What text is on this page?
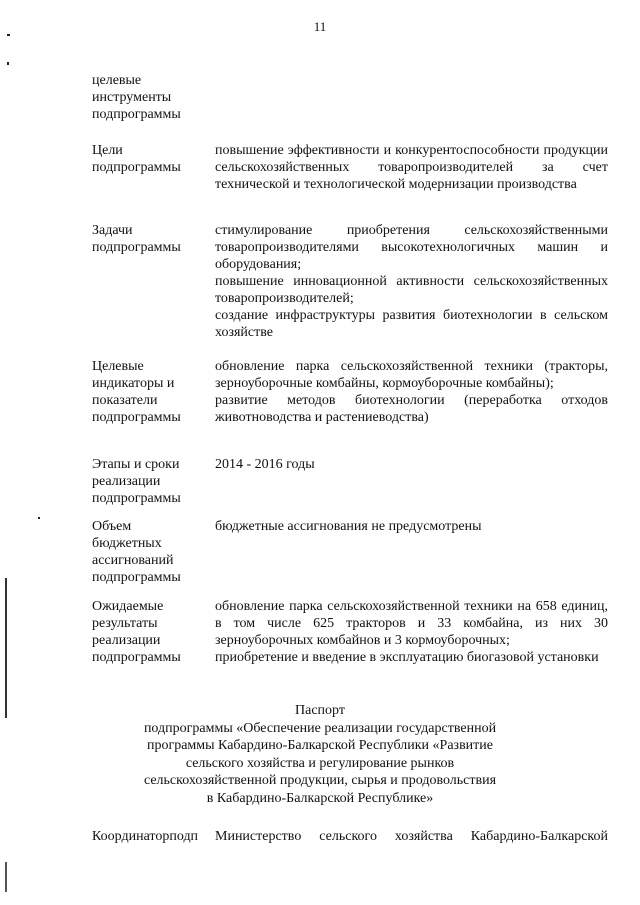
11
целевые
инструменты
подпрограммы
Цели
подпрограммы

повышение эффективности и конкурентоспособности продукции сельскохозяйственных товаропроизводителей за счет технической и технологической модернизации производства

Задачи
подпрограммы

стимулирование приобретения сельскохозяйственными товаропроизводителями высокотехнологичных машин и оборудования;

повышение инновационной активности сельскохозяйственных товаропроизводителей;

создание инфраструктуры развития биотехнологии в сельском хозяйстве

Целевые
индикаторы и
показатели
подпрограммы

обновление парка сельскохозяйственной техники (тракторы, зерноуборочные комбайны, кормоуборочные комбайны);

развитие методов биотехнологии (переработка отходов животноводства и растениеводства)

Этапы и сроки
реализации
подпрограммы

2014 - 2016 годы

Объем
бюджетных
ассигнований
подпрограммы

бюджетные ассигнования не предусмотрены

Ожидаемые
результаты
реализации
подпрограммы

обновление парка сельскохозяйственной техники на 658 единиц, в том числе 625 тракторов и 33 комбайна, из них 30 зерноуборочных комбайнов и 3 кормоуборочных;

приобретение и введение в эксплуатацию биогазовой установки

Паспорт
подпрограммы «Обеспечение реализации государственной
программы Кабардино-Балкарской Республики «Развитие
сельского хозяйства и регулирование рынков
сельскохозяйственной продукции, сырья и продовольствия
в Кабардино-Балкарской Республике»
Координаторподп	Министерство сельского хозяйства Кабардино-Балкарской
